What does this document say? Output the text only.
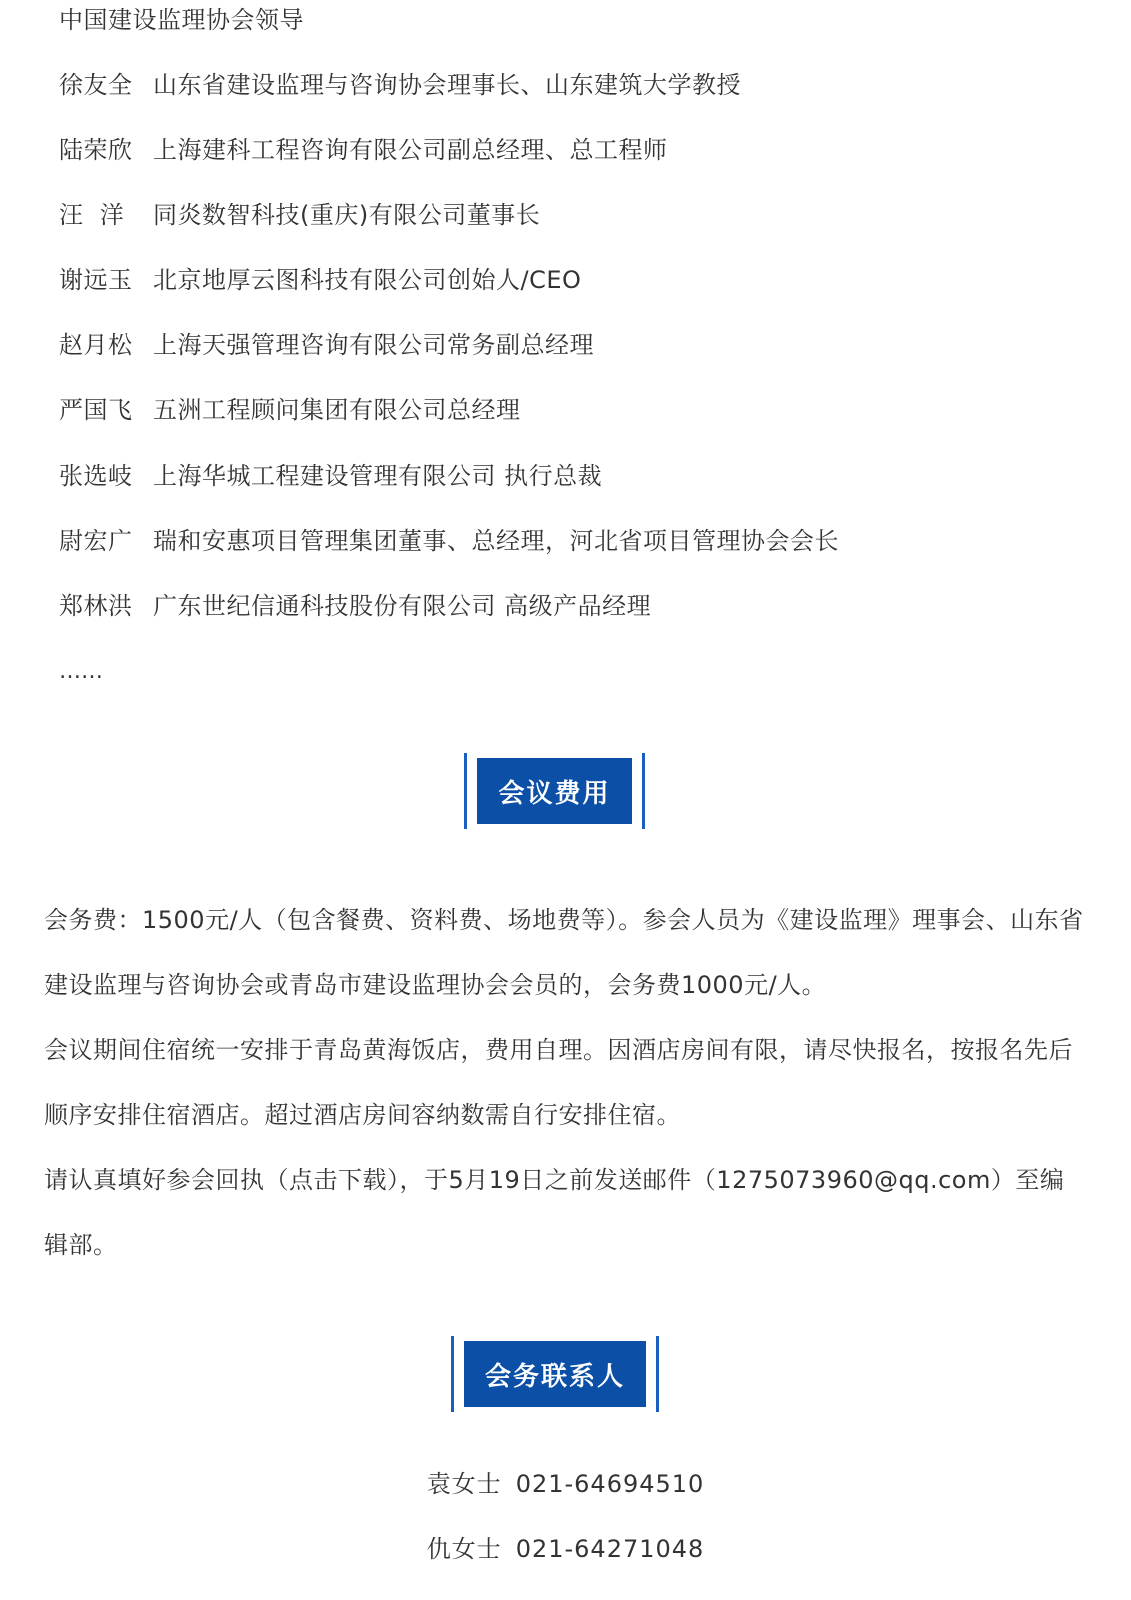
中国建设监理协会领导
徐友全 山东省建设监理与咨询协会理事长、山东建筑大学教授
陆荣欣 上海建科工程咨询有限公司副总经理、总工程师
汪  洋 同炎数智科技(重庆)有限公司董事长
谢远玉 北京地厚云图科技有限公司创始人/CEO
赵月松 上海天强管理咨询有限公司常务副总经理
严国飞 五洲工程顾问集团有限公司总经理
张选岐 上海华城工程建设管理有限公司 执行总裁
尉宏广 瑞和安惠项目管理集团董事、总经理，河北省项目管理协会会长
郑林洪 广东世纪信通科技股份有限公司 高级产品经理
……
会议费用
会务费：1500元/人（包含餐费、资料费、场地费等）。参会人员为《建设监理》理事会、山东省建设监理与咨询协会或青岛市建设监理协会会员的，会务费1000元/人。
会议期间住宿统一安排于青岛黄海饭店，费用自理。因酒店房间有限，请尽快报名，按报名先后顺序安排住宿酒店。超过酒店房间容纳数需自行安排住宿。
请认真填好参会回执（点击下载），于5月19日之前发送邮件（1275073960@qq.com）至编辑部。
会务联系人
袁女士 021-64694510
仇女士 021-64271048
